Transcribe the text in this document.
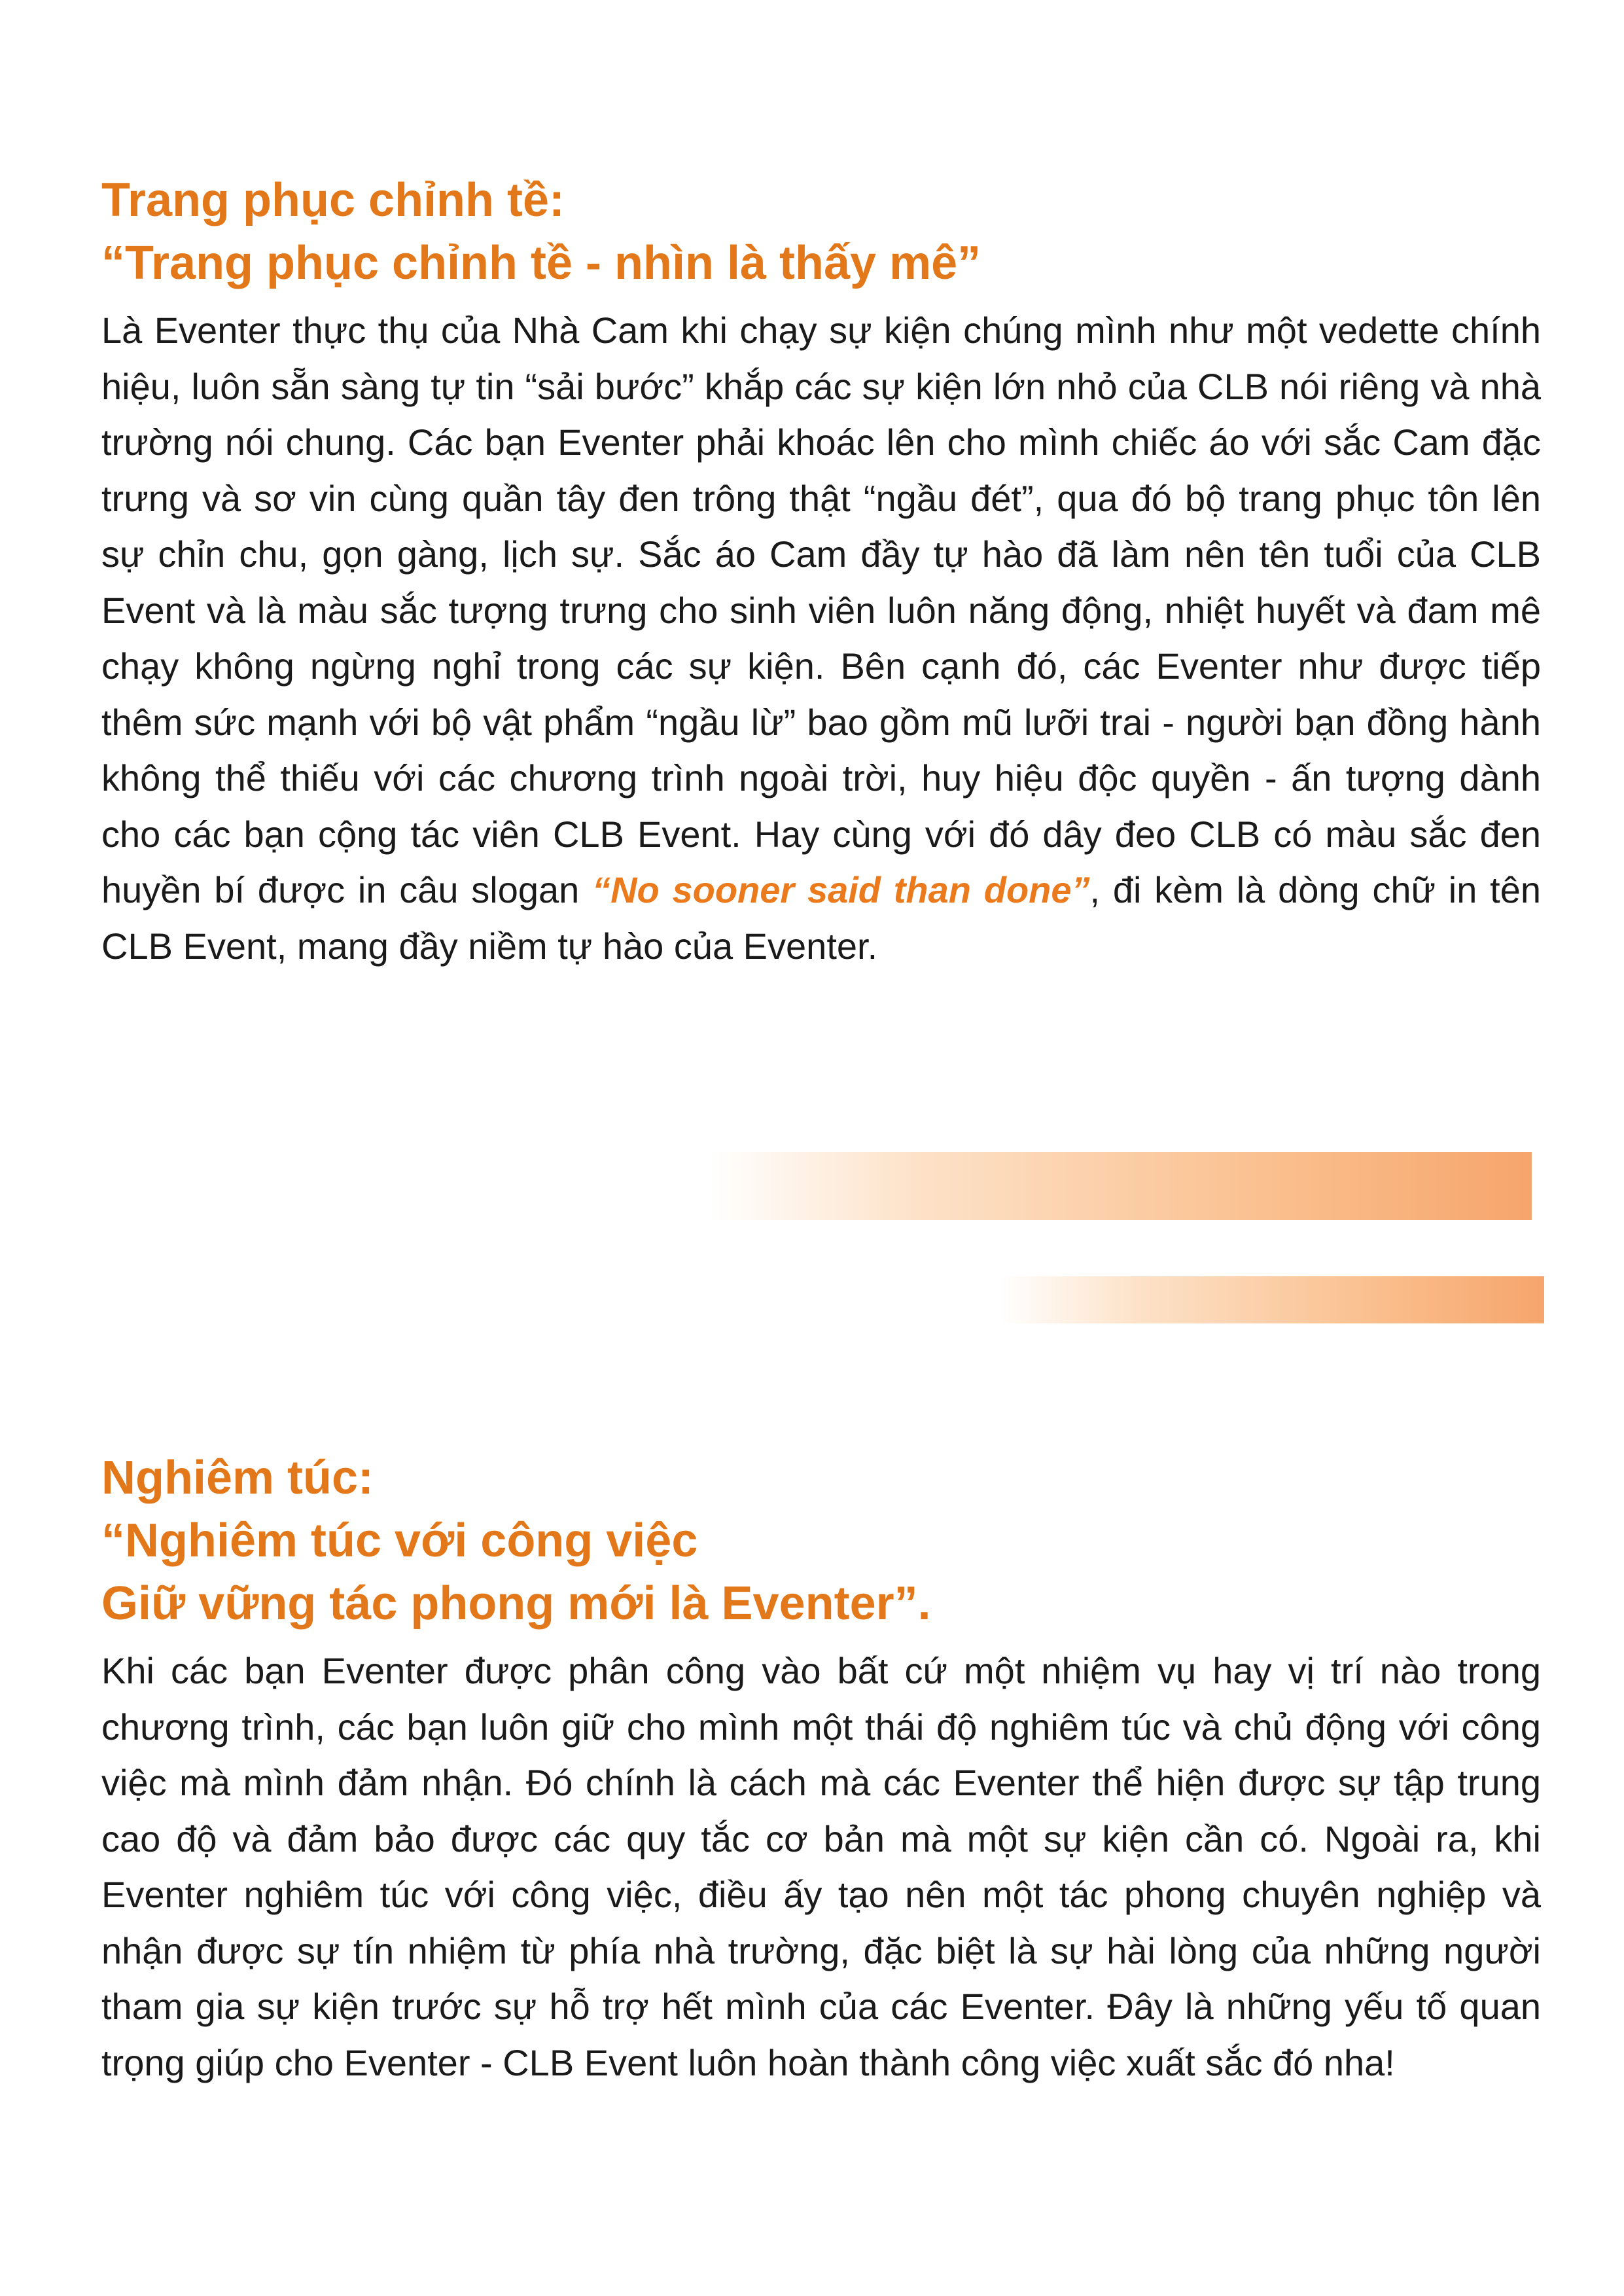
Trang phục chỉnh tề:
“Trang phục chỉnh tề - nhìn là thấy mê”

Là Eventer thực thụ của Nhà Cam khi chạy sự kiện chúng mình như một vedette chính hiệu, luôn sẵn sàng tự tin “sải bước” khắp các sự kiện lớn nhỏ của CLB nói riêng và nhà trường nói chung. Các bạn Eventer phải khoác lên cho mình chiếc áo với sắc Cam đặc trưng và sơ vin cùng quần tây đen trông thật “ngầu đét”, qua đó bộ trang phục tôn lên sự chỉn chu, gọn gàng, lịch sự. Sắc áo Cam đầy tự hào đã làm nên tên tuổi của CLB Event và là màu sắc tượng trưng cho sinh viên luôn năng động, nhiệt huyết và đam mê chạy không ngừng nghỉ trong các sự kiện. Bên cạnh đó, các Eventer như được tiếp thêm sức mạnh với bộ vật phẩm “ngầu lừ” bao gồm mũ lưỡi trai - người bạn đồng hành không thể thiếu với các chương trình ngoài trời, huy hiệu độc quyền - ấn tượng dành cho các bạn cộng tác viên CLB Event. Hay cùng với đó dây đeo CLB có màu sắc đen huyền bí được in câu slogan “No sooner said than done”, đi kèm là dòng chữ in tên CLB Event, mang đầy niềm tự hào của Eventer.

Nghiêm túc:
“Nghiêm túc với công việc
Giữ vững tác phong mới là Eventer”.

Khi các bạn Eventer được phân công vào bất cứ một nhiệm vụ hay vị trí nào trong chương trình, các bạn luôn giữ cho mình một thái độ nghiêm túc và chủ động với công việc mà mình đảm nhận. Đó chính là cách mà các Eventer thể hiện được sự tập trung cao độ và đảm bảo được các quy tắc cơ bản mà một sự kiện cần có. Ngoài ra, khi Eventer nghiêm túc với công việc, điều ấy tạo nên một tác phong chuyên nghiệp và nhận được sự tín nhiệm từ phía nhà trường, đặc biệt là sự hài lòng của những người tham gia sự kiện trước sự hỗ trợ hết mình của các Eventer. Đây là những yếu tố quan trọng giúp cho Eventer - CLB Event luôn hoàn thành công việc xuất sắc đó nha!
